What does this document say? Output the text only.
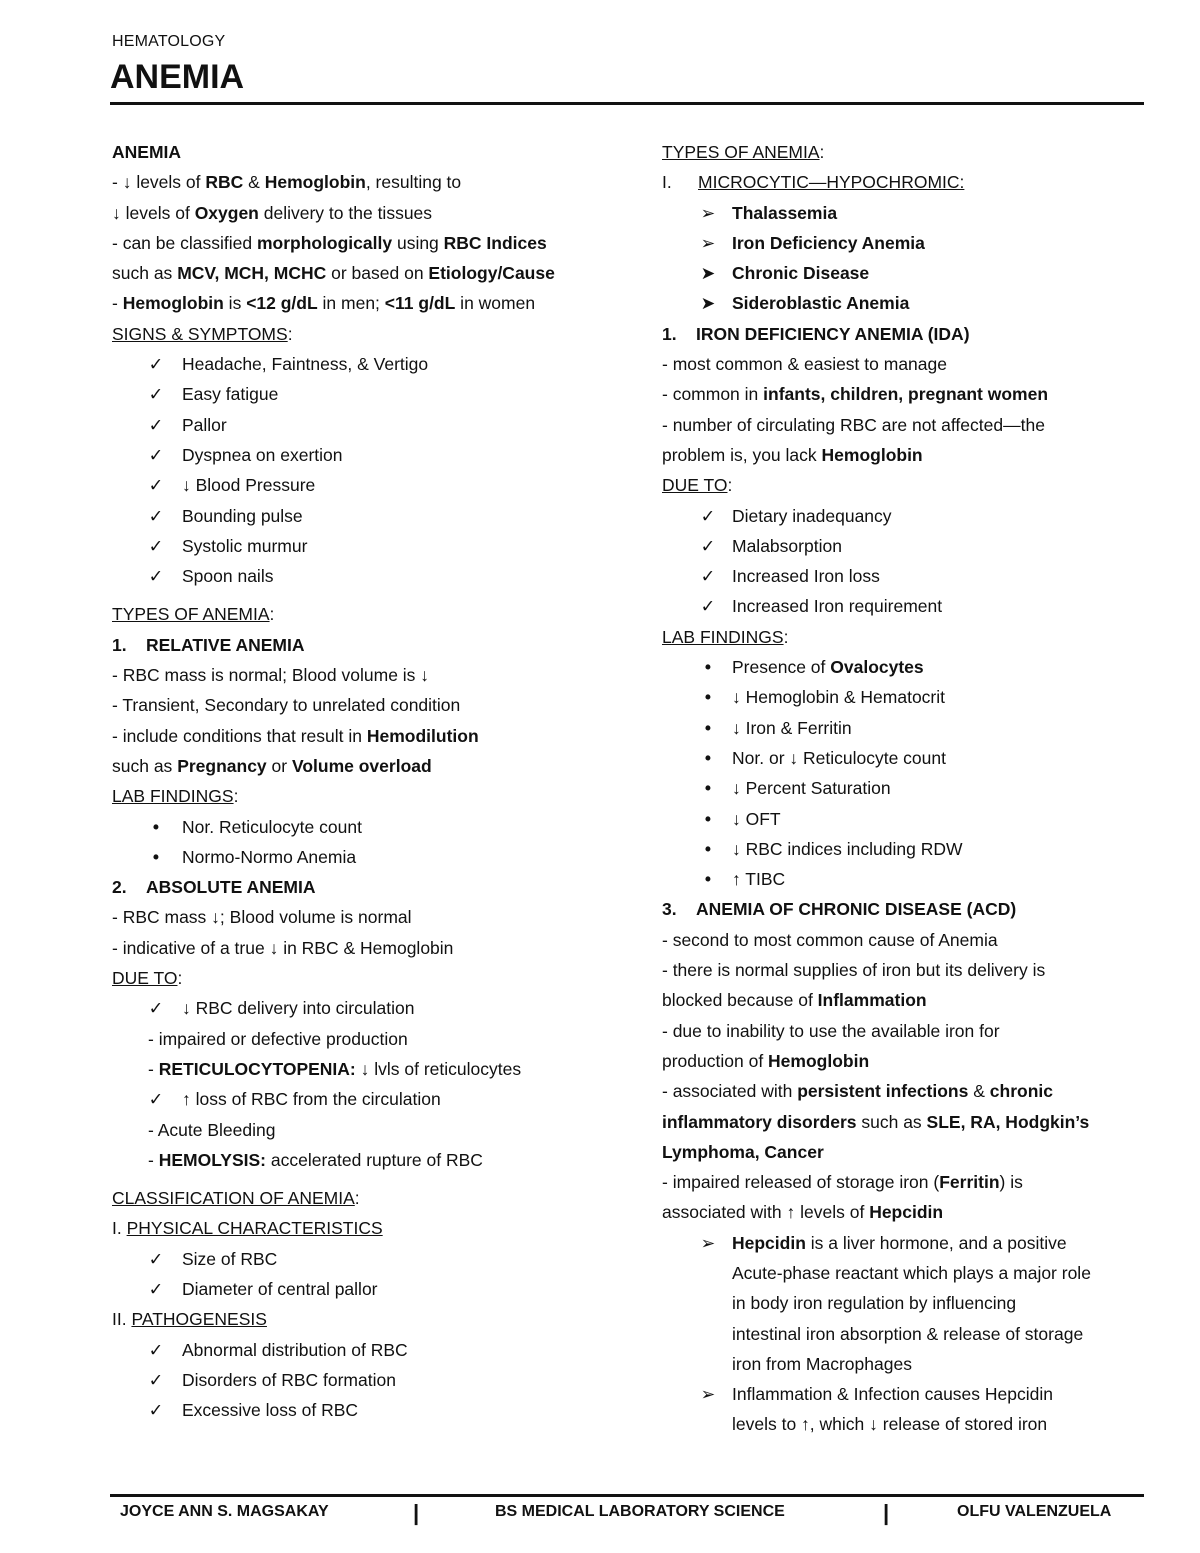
HEMATOLOGY
ANEMIA
ANEMIA
- ↓ levels of RBC & Hemoglobin, resulting to
↓ levels of Oxygen delivery to the tissues
- can be classified morphologically using RBC Indices
such as MCV, MCH, MCHC or based on Etiology/Cause
- Hemoglobin is <12 g/dL in men; <11 g/dL in women
SIGNS & SYMPTOMS:
✓ Headache, Faintness, & Vertigo
✓ Easy fatigue
✓ Pallor
✓ Dyspnea on exertion
✓ ↓ Blood Pressure
✓ Bounding pulse
✓ Systolic murmur
✓ Spoon nails
TYPES OF ANEMIA:
1. RELATIVE ANEMIA
- RBC mass is normal; Blood volume is ↓
- Transient, Secondary to unrelated condition
- include conditions that result in Hemodilution
such as Pregnancy or Volume overload
LAB FINDINGS:
•	Nor. Reticulocyte count
•	Normo-Normo Anemia
2. ABSOLUTE ANEMIA
- RBC mass ↓; Blood volume is normal
- indicative of a true ↓ in RBC & Hemoglobin
DUE TO:
✓ ↓ RBC delivery into circulation
- impaired or defective production
- RETICULOCYTOPENIA: ↓ lvls of reticulocytes
✓ ↑ loss of RBC from the circulation
- Acute Bleeding
- HEMOLYSIS: accelerated rupture of RBC
CLASSIFICATION OF ANEMIA:
I. PHYSICAL CHARACTERISTICS
✓ Size of RBC
✓ Diameter of central pallor
II. PATHOGENESIS
✓ Abnormal distribution of RBC
✓ Disorders of RBC formation
✓ Excessive loss of RBC
TYPES OF ANEMIA:
I. MICROCYTIC—HYPOCHROMIC:
➢ Thalassemia
➢ Iron Deficiency Anemia
➤ Chronic Disease
➤ Sideroblastic Anemia
1. IRON DEFICIENCY ANEMIA (IDA)
- most common & easiest to manage
- common in infants, children, pregnant women
- number of circulating RBC are not affected—the
problem is, you lack Hemoglobin
DUE TO:
✓ Dietary inadequancy
✓ Malabsorption
✓ Increased Iron loss
✓ Increased Iron requirement
LAB FINDINGS:
•	Presence of Ovalocytes
•	↓ Hemoglobin & Hematocrit
•	↓ Iron & Ferritin
•	Nor. or ↓ Reticulocyte count
•	↓ Percent Saturation
•	↓ OFT
•	↓ RBC indices including RDW
•	↑ TIBC
3. ANEMIA OF CHRONIC DISEASE (ACD)
- second to most common cause of Anemia
- there is normal supplies of iron but its delivery is
blocked because of Inflammation
- due to inability to use the available iron for
production of Hemoglobin
- associated with persistent infections & chronic
inflammatory disorders such as SLE, RA, Hodgkin’s
Lymphoma, Cancer
- impaired released of storage iron (Ferritin) is
associated with ↑ levels of Hepcidin
➢ Hepcidin is a liver hormone, and a positive
Acute-phase reactant which plays a major role
in body iron regulation by influencing
intestinal iron absorption & release of storage
iron from Macrophages
➢ Inflammation & Infection causes Hepcidin
levels to ↑, which ↓ release of stored iron
JOYCE ANN S. MAGSAKAY	|	BS MEDICAL LABORATORY SCIENCE	|	OLFU VALENZUELA
